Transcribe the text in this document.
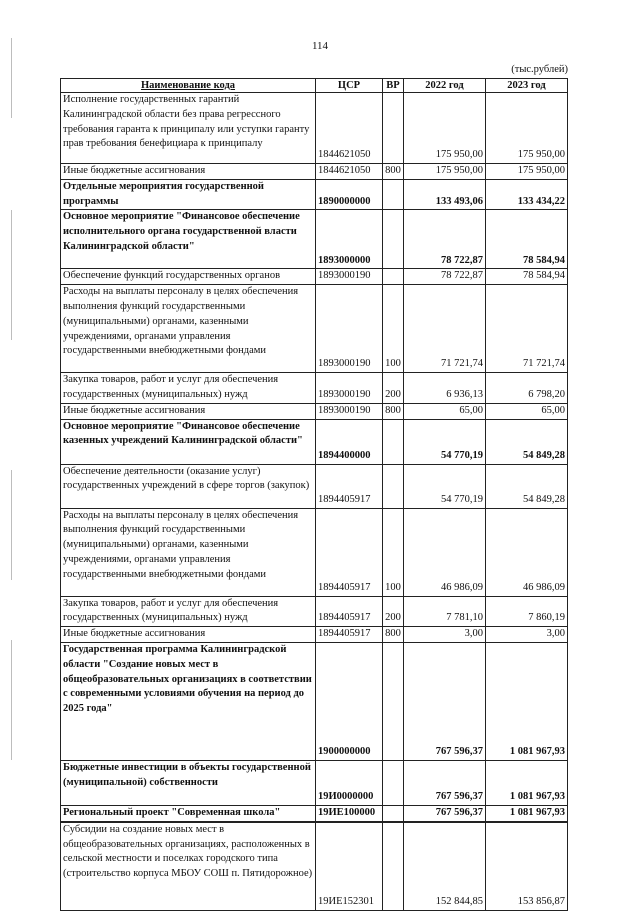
114
(тыс.рублей)
Наименование кода	ЦСР	ВР	2022 год	2023 год
Исполнение государственных гарантий Калининградской области без права регрессного требования гаранта к принципалу или уступки гаранту прав требования бенефициара к принципалу	1844621050		175 950,00	175 950,00
Иные бюджетные ассигнования	1844621050	800	175 950,00	175 950,00
Отдельные мероприятия государственной программы	1890000000		133 493,06	133 434,22
Основное мероприятие "Финансовое обеспечение исполнительного органа государственной власти Калининградской области"	1893000000		78 722,87	78 584,94
Обеспечение функций государственных органов	1893000190		78 722,87	78 584,94
Расходы на выплаты персоналу в целях обеспечения выполнения функций государственными (муниципальными) органами, казенными учреждениями, органами управления государственными внебюджетными фондами	1893000190	100	71 721,74	71 721,74
Закупка товаров, работ и услуг для обеспечения государственных (муниципальных) нужд	1893000190	200	6 936,13	6 798,20
Иные бюджетные ассигнования	1893000190	800	65,00	65,00
Основное мероприятие "Финансовое обеспечение казенных учреждений Калининградской области"	1894400000		54 770,19	54 849,28
Обеспечение деятельности (оказание услуг) государственных учреждений в сфере торгов (закупок)	1894405917		54 770,19	54 849,28
Расходы на выплаты персоналу в целях обеспечения выполнения функций государственными (муниципальными) органами, казенными учреждениями, органами управления государственными внебюджетными фондами	1894405917	100	46 986,09	46 986,09
Закупка товаров, работ и услуг для обеспечения государственных (муниципальных) нужд	1894405917	200	7 781,10	7 860,19
Иные бюджетные ассигнования	1894405917	800	3,00	3,00
Государственная программа Калининградской области "Создание новых мест в общеобразовательных организациях в соответствии с современными условиями обучения на период до 2025 года"	1900000000		767 596,37	1 081 967,93
Бюджетные инвестиции в объекты государственной (муниципальной) собственности	19И0000000		767 596,37	1 081 967,93
Региональный проект "Современная школа"	19ИЕ100000		767 596,37	1 081 967,93
Субсидии на создание новых мест в общеобразовательных организациях, расположенных в сельской местности и поселках городского типа (строительство корпуса МБОУ СОШ п. Пятидорожное)	19ИЕ152301		152 844,85	153 856,87
